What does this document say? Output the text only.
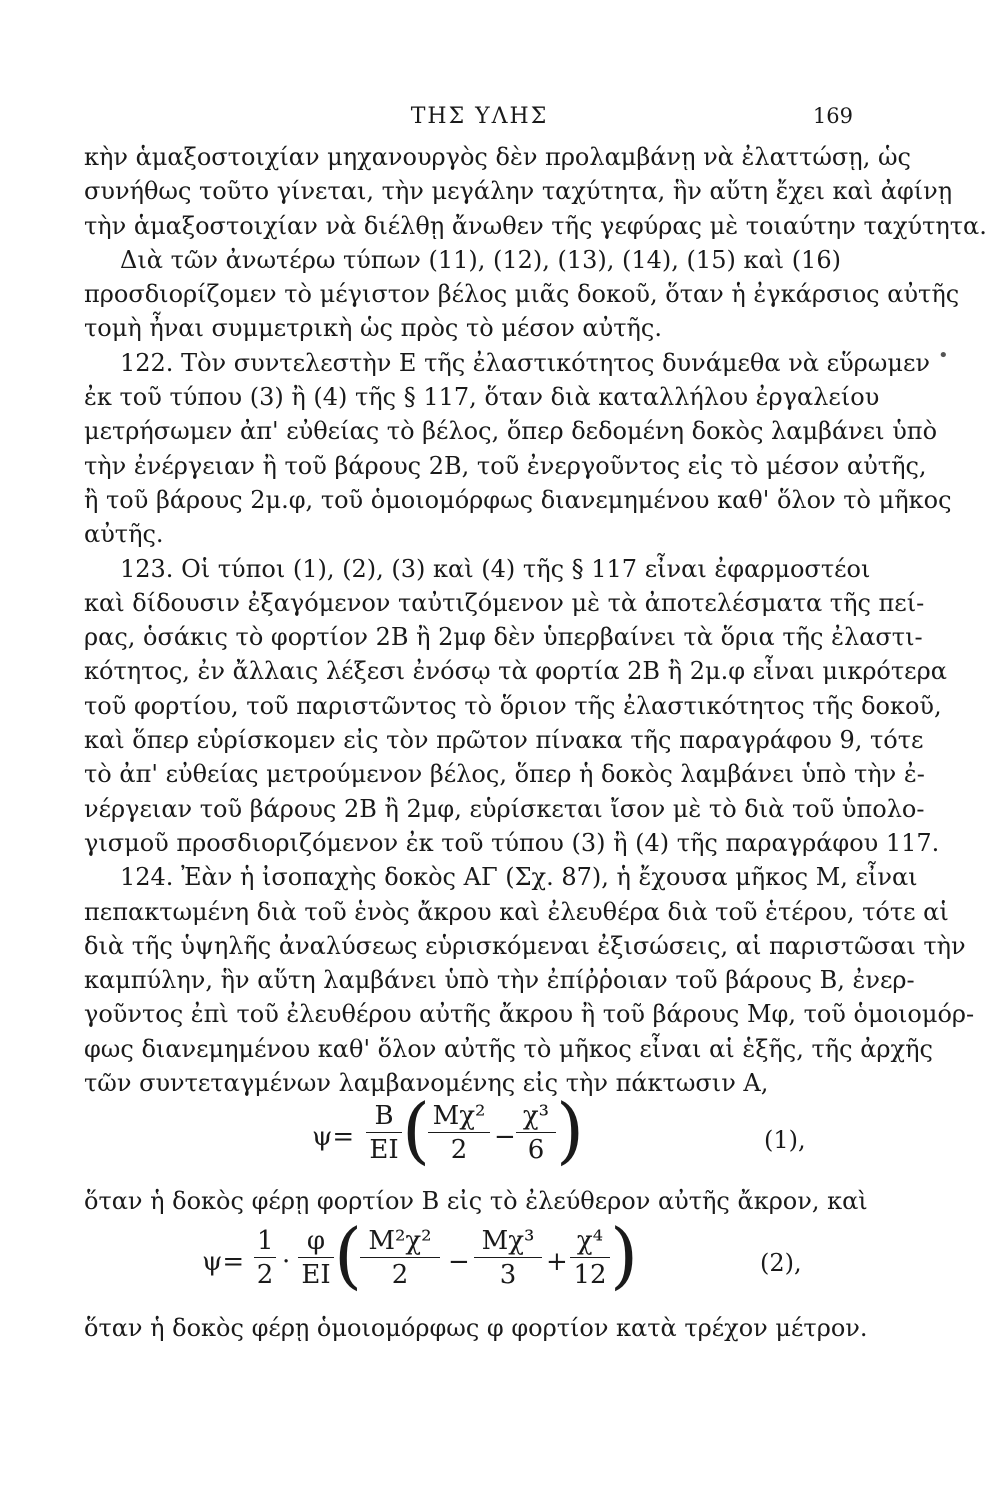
ΤΗΣ ΥΛΗΣ	169
κὴν ἁμαξοστοιχίαν μηχανουργὸς δὲν προλαμβάνῃ νὰ ἐλαττώσῃ, ὡς
συνήθως τοῦτο γίνεται, τὴν μεγάλην ταχύτητα, ἣν αὕτη ἔχει καὶ ἀφίνῃ
τὴν ἁμαξοστοιχίαν νὰ διέλθῃ ἄνωθεν τῆς γεφύρας μὲ τοιαύτην ταχύτητα.
Διὰ τῶν ἀνωτέρω τύπων (11), (12), (13), (14), (15) καὶ (16)
προσδιορίζομεν τὸ μέγιστον βέλος μιᾶς δοκοῦ, ὅταν ἡ ἐγκάρσιος αὐτῆς
τομὴ ἦναι συμμετρικὴ ὡς πρὸς τὸ μέσον αὐτῆς.
122. Τὸν συντελεστὴν Ε τῆς ἐλαστικότητος δυνάμεθα νὰ εὕρωμεν
ἐκ τοῦ τύπου (3) ἢ (4) τῆς § 117, ὅταν διὰ καταλλήλου ἐργαλείου
μετρήσωμεν ἀπ' εὐθείας τὸ βέλος, ὅπερ δεδομένη δοκὸς λαμβάνει ὑπὸ
τὴν ἐνέργειαν ἢ τοῦ βάρους 2Β, τοῦ ἐνεργοῦντος εἰς τὸ μέσον αὐτῆς,
ἢ τοῦ βάρους 2μ.φ, τοῦ ὁμοιομόρφως διανεμημένου καθ' ὅλον τὸ μῆκος
αὐτῆς.
123. Οἱ τύποι (1), (2), (3) καὶ (4) τῆς § 117 εἶναι ἐφαρμοστέοι
καὶ δίδουσιν ἐξαγόμενον ταὐτιζόμενον μὲ τὰ ἀποτελέσματα τῆς πεί-
ρας, ὁσάκις τὸ φορτίον 2Β ἢ 2μφ δὲν ὑπερβαίνει τὰ ὅρια τῆς ἐλαστι-
κότητος, ἐν ἄλλαις λέξεσι ἐνόσῳ τὰ φορτία 2Β ἢ 2μ.φ εἶναι μικρότερα
τοῦ φορτίου, τοῦ παριστῶντος τὸ ὅριον τῆς ἐλαστικότητος τῆς δοκοῦ,
καὶ ὅπερ εὑρίσκομεν εἰς τὸν πρῶτον πίνακα τῆς παραγράφου 9, τότε
τὸ ἀπ' εὐθείας μετρούμενον βέλος, ὅπερ ἡ δοκὸς λαμβάνει ὑπὸ τὴν ἐ-
νέργειαν τοῦ βάρους 2Β ἢ 2μφ, εὑρίσκεται ἴσον μὲ τὸ διὰ τοῦ ὑπολο-
γισμοῦ προσδιοριζόμενον ἐκ τοῦ τύπου (3) ἢ (4) τῆς παραγράφου 117.
124. Ἐὰν ἡ ἰσοπαχὴς δοκὸς ΑΓ (Σχ. 87), ἡ ἔχουσα μῆκος Μ, εἶναι
πεπακτωμένη διὰ τοῦ ἑνὸς ἄκρου καὶ ἐλευθέρα διὰ τοῦ ἑτέρου, τότε αἱ
διὰ τῆς ὑψηλῆς ἀναλύσεως εὑρισκόμεναι ἐξισώσεις, αἱ παριστῶσαι τὴν
καμπύλην, ἣν αὕτη λαμβάνει ὑπὸ τὴν ἐπίῤῥοιαν τοῦ βάρους Β, ἐνερ-
γοῦντος ἐπὶ τοῦ ἐλευθέρου αὐτῆς ἄκρου ἢ τοῦ βάρους Μφ, τοῦ ὁμοιομόρ-
φως διανεμημένου καθ' ὅλον αὐτῆς τὸ μῆκος εἶναι αἱ ἑξῆς, τῆς ἀρχῆς
τῶν συντεταγμένων λαμβανομένης εἰς τὴν πάκτωσιν Α,
$\psi= \frac{B}{EI}$ (
$\frac{\text{Μχ²}}{2} - \frac{\text{χ³}}{6}$ )	(1),
ὅταν ἡ δοκὸς φέρῃ φορτίον Β εἰς τὸ ἐλεύθερον αὐτῆς ἄκρον, καὶ
$\psi= \frac{1}{2} \cdot \frac{\varphi}{EI}$ (
$\frac{\text{Μ²χ²}}{2} - \frac{\text{Μχ³}}{3} + \frac{\text{χ⁴}}{12}$ )	(2),
ὅταν ἡ δοκὸς φέρῃ ὁμοιομόρφως φ φορτίον κατὰ τρέχον μέτρον.
•
